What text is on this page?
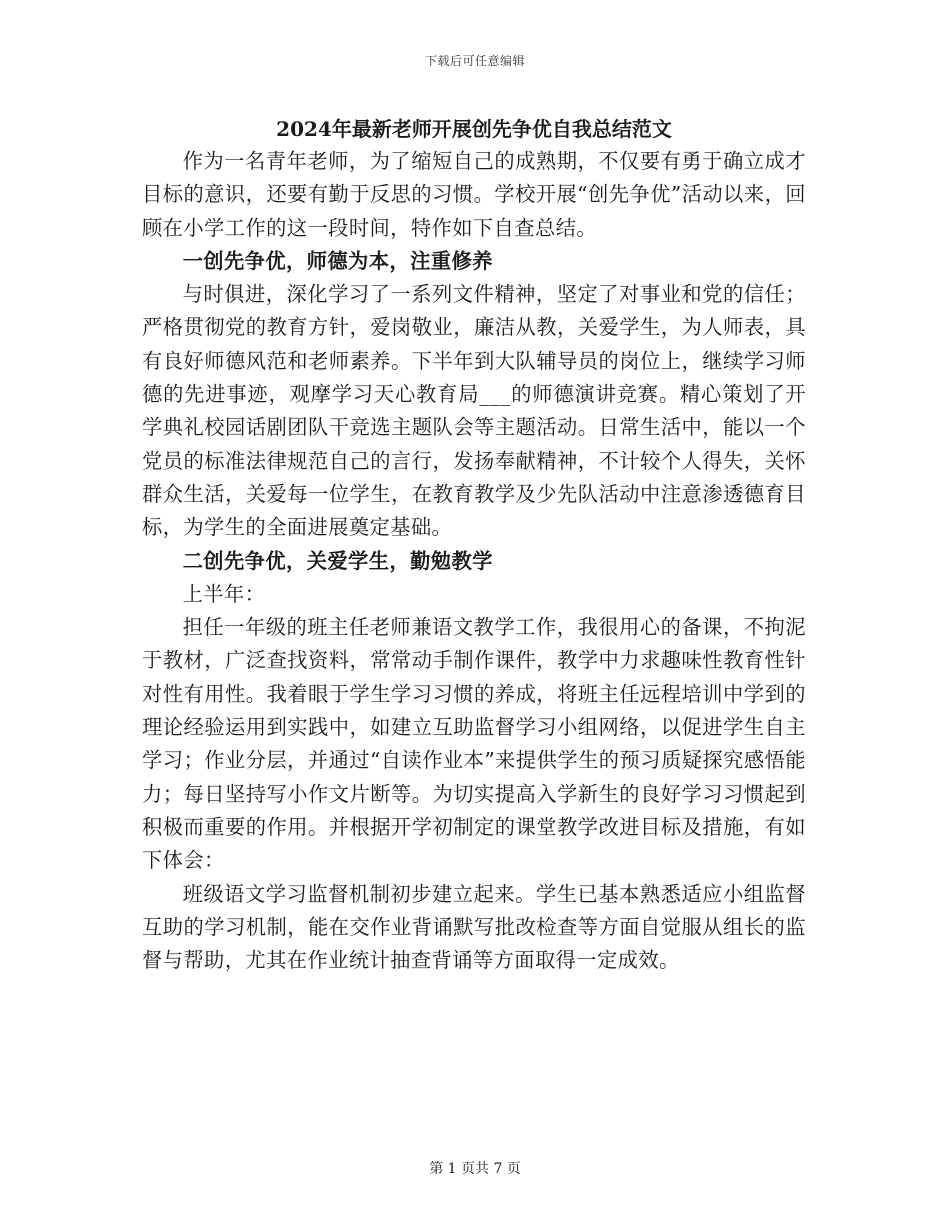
下载后可任意编辑
2024年最新老师开展创先争优自我总结范文

作为一名青年老师，为了缩短自己的成熟期，不仅要有勇于确立成才目标的意识，还要有勤于反思的习惯。学校开展“创先争优”活动以来，回顾在小学工作的这一段时间，特作如下自查总结。

一创先争优，师德为本，注重修养

与时俱进，深化学习了一系列文件精神，坚定了对事业和党的信任；严格贯彻党的教育方针，爱岗敬业，廉洁从教，关爱学生，为人师表，具有良好师德风范和老师素养。下半年到大队辅导员的岗位上，继续学习师德的先进事迹，观摩学习天心教育局___的师德演讲竞赛。精心策划了开学典礼校园话剧团队干竞选主题队会等主题活动。日常生活中，能以一个党员的标准法律规范自己的言行，发扬奉献精神，不计较个人得失，关怀群众生活，关爱每一位学生，在教育教学及少先队活动中注意渗透德育目标，为学生的全面进展奠定基础。

二创先争优，关爱学生，勤勉教学

上半年：

担任一年级的班主任老师兼语文教学工作，我很用心的备课，不拘泥于教材，广泛查找资料，常常动手制作课件，教学中力求趣味性教育性针对性有用性。我着眼于学生学习习惯的养成，将班主任远程培训中学到的理论经验运用到实践中，如建立互助监督学习小组网络，以促进学生自主学习；作业分层，并通过“自读作业本”来提供学生的预习质疑探究感悟能力；每日坚持写小作文片断等。为切实提高入学新生的良好学习习惯起到积极而重要的作用。并根据开学初制定的课堂教学改进目标及措施，有如下体会：

班级语文学习监督机制初步建立起来。学生已基本熟悉适应小组监督互助的学习机制，能在交作业背诵默写批改检查等方面自觉服从组长的监督与帮助，尤其在作业统计抽查背诵等方面取得一定成效。

第 1 页共 7 页
